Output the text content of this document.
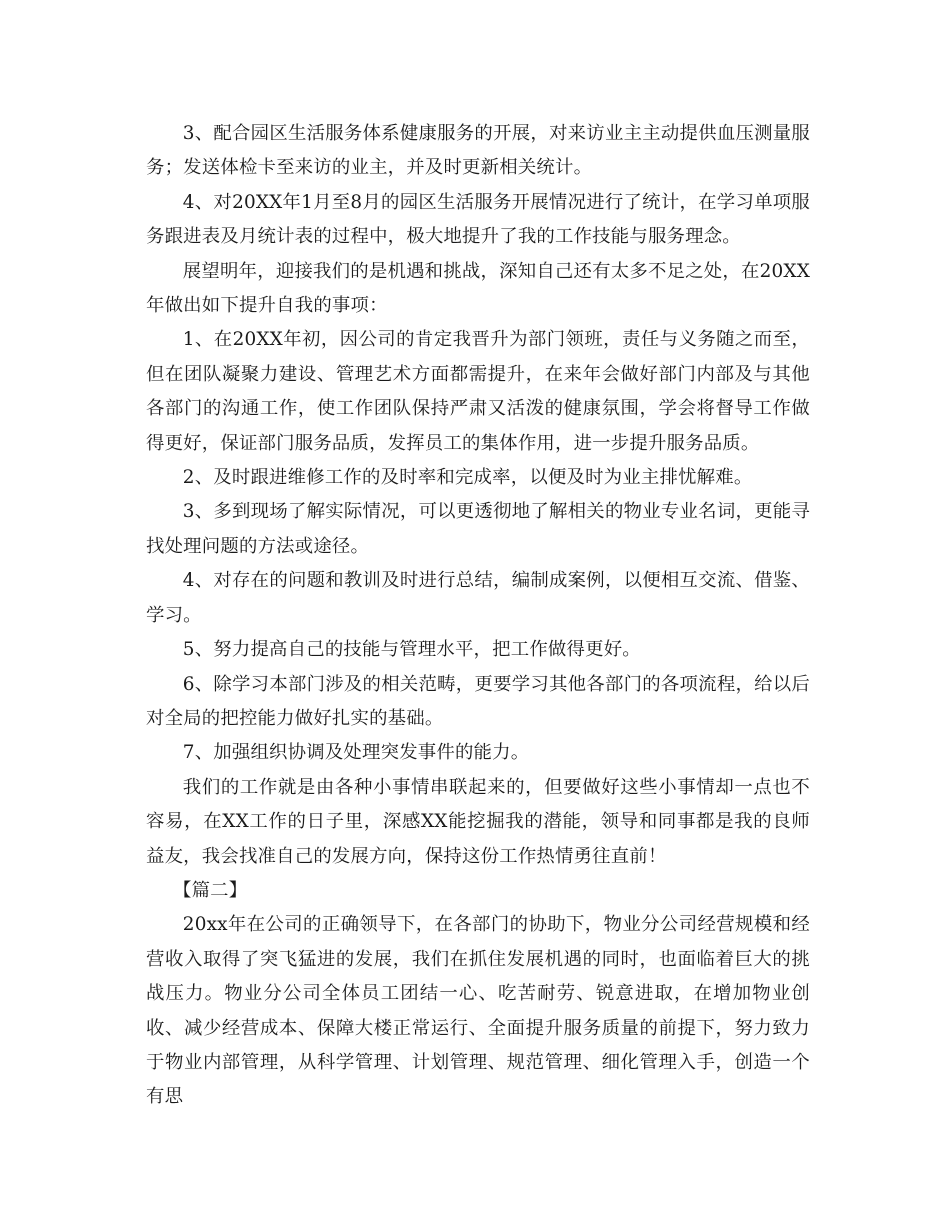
3、配合园区生活服务体系健康服务的开展，对来访业主主动提供血压测量服务；发送体检卡至来访的业主，并及时更新相关统计。

4、对20XX年1月至8月的园区生活服务开展情况进行了统计，在学习单项服务跟进表及月统计表的过程中，极大地提升了我的工作技能与服务理念。

展望明年，迎接我们的是机遇和挑战，深知自己还有太多不足之处，在20XX年做出如下提升自我的事项：

1、在20XX年初，因公司的肯定我晋升为部门领班，责任与义务随之而至，但在团队凝聚力建设、管理艺术方面都需提升，在来年会做好部门内部及与其他各部门的沟通工作，使工作团队保持严肃又活泼的健康氛围，学会将督导工作做得更好，保证部门服务品质，发挥员工的集体作用，进一步提升服务品质。

2、及时跟进维修工作的及时率和完成率，以便及时为业主排忧解难。

3、多到现场了解实际情况，可以更透彻地了解相关的物业专业名词，更能寻找处理问题的方法或途径。

4、对存在的问题和教训及时进行总结，编制成案例，以便相互交流、借鉴、学习。

5、努力提高自己的技能与管理水平，把工作做得更好。

6、除学习本部门涉及的相关范畴，更要学习其他各部门的各项流程，给以后对全局的把控能力做好扎实的基础。

7、加强组织协调及处理突发事件的能力。

我们的工作就是由各种小事情串联起来的，但要做好这些小事情却一点也不容易，在XX工作的日子里，深感XX能挖掘我的潜能，领导和同事都是我的良师益友，我会找准自己的发展方向，保持这份工作热情勇往直前！

【篇二】

20xx年在公司的正确领导下，在各部门的协助下，物业分公司经营规模和经营收入取得了突飞猛进的发展，我们在抓住发展机遇的同时，也面临着巨大的挑战压力。物业分公司全体员工团结一心、吃苦耐劳、锐意进取，在增加物业创收、减少经营成本、保障大楼正常运行、全面提升服务质量的前提下，努力致力于物业内部管理，从科学管理、计划管理、规范管理、细化管理入手，创造一个有思
